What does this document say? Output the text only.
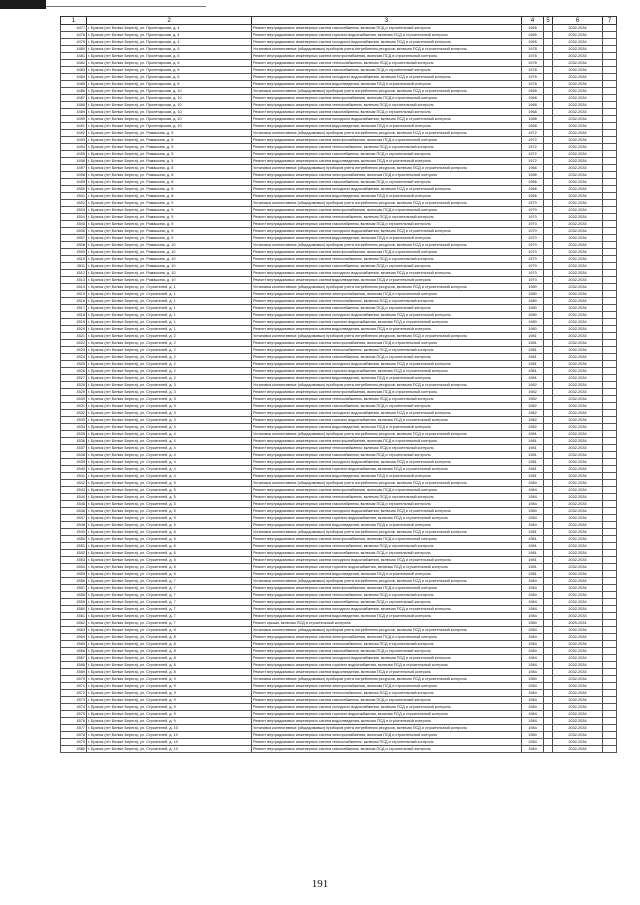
1	2	3	4	5	6	7
4477	г. Брянск (пгт Белые Берега), ул. Пролетарская, д. 4	Ремонт внутридомовых инженерных систем газоснабжения, включая ПСД и строительный контроль	1965		2032-2034	
4478	г. Брянск (пгт Белые Берега), ул. Пролетарская, д. 4	Ремонт внутридомовых инженерных систем горячего водоснабжения, включая ПСД и строительный контроль	1965		2032-2034	
4479	г. Брянск (пгт Белые Берега), ул. Пролетарская, д. 4	Ремонт внутридомовых инженерных систем холодного водоснабжения, включая ПСД и строительный контроль	1965		2032-2034	
4480	г. Брянск (пгт Белые Берега), ул. Пролетарская, д. 6	Установка коллективных (общедомовых) приборов учета потребления ресурсов, включая ПСД и строительный контроль	1978		2032-2034	
4481	г. Брянск (пгт Белые Берега), ул. Пролетарская, д. 6	Ремонт внутридомовых инженерных систем электроснабжения, включая ПСД и строительный контроль	1978		2032-2034	
4482	г. Брянск (пгт Белые Берега), ул. Пролетарская, д. 6	Ремонт внутридомовых инженерных систем теплоснабжения, включая ПСД и строительный контроль	1978		2032-2034	
4483	г. Брянск (пгт Белые Берега), ул. Пролетарская, д. 6	Ремонт внутридомовых инженерных систем газоснабжения, включая ПСД и строительный контроль	1978		2032-2034	
4484	г. Брянск (пгт Белые Берега), ул. Пролетарская, д. 6	Ремонт внутридомовых инженерных систем холодного водоснабжения, включая ПСД и строительный контроль	1978		2032-2034	
4485	г. Брянск (пгт Белые Берега), ул. Пролетарская, д. 6	Ремонт внутридомовых инженерных систем водоотведения, включая ПСД и строительный контроль	1978		2032-2034	
4486	г. Брянск (пгт Белые Берега), ул. Пролетарская, д. 10	Установка коллективных (общедомовых) приборов учета потребления ресурсов, включая ПСД и строительный контроль	1968		2032-2034	
4487	г. Брянск (пгт Белые Берега), ул. Пролетарская, д. 10	Ремонт внутридомовых инженерных систем электроснабжения, включая ПСД и строительный контроль	1968		2032-2034	
4488	г. Брянск (пгт Белые Берега), ул. Пролетарская, д. 10	Ремонт внутридомовых инженерных систем теплоснабжения, включая ПСД и строительный контроль	1968		2032-2034	
4489	г. Брянск (пгт Белые Берега), ул. Пролетарская, д. 10	Ремонт внутридомовых инженерных систем газоснабжения, включая ПСД и строительный контроль	1968		2032-2034	
4490	г. Брянск (пгт Белые Берега), ул. Пролетарская, д. 10	Ремонт внутридомовых инженерных систем холодного водоснабжения, включая ПСД и строительный контроль	1968		2032-2034	
4491	г. Брянск (пгт Белые Берега), ул. Пролетарская, д. 10	Ремонт внутридомовых инженерных систем водоотведения, включая ПСД и строительный контроль	1968		2032-2034	
4492	г. Брянск (пгт Белые Берега), ул. Ромашина, д. 5	Установка коллективных (общедомовых) приборов учета потребления ресурсов, включая ПСД и строительный контроль	1972		2032-2034	
4493	г. Брянск (пгт Белые Берега), ул. Ромашина, д. 5	Ремонт внутридомовых инженерных систем электроснабжения, включая ПСД и строительный контроль	1972		2032-2034	
4494	г. Брянск (пгт Белые Берега), ул. Ромашина, д. 5	Ремонт внутридомовых инженерных систем теплоснабжения, включая ПСД и строительный контроль	1972		2032-2034	
4495	г. Брянск (пгт Белые Берега), ул. Ромашина, д. 5	Ремонт внутридомовых инженерных систем газоснабжения, включая ПСД и строительный контроль	1972		2032-2034	
4496	г. Брянск (пгт Белые Берега), ул. Ромашина, д. 5	Ремонт внутридомовых инженерных систем водоотведения, включая ПСД и строительный контроль	1972		2032-2034	
4497	г. Брянск (пгт Белые Берега), ул. Ромашина, д. 8	Установка коллективных (общедомовых) приборов учета потребления ресурсов, включая ПСД и строительный контроль	1966		2032-2034	
4498	г. Брянск (пгт Белые Берега), ул. Ромашина, д. 8	Ремонт внутридомовых инженерных систем электроснабжения, включая ПСД и строительный контроль	1966		2032-2034	
4499	г. Брянск (пгт Белые Берега), ул. Ромашина, д. 8	Ремонт внутридомовых инженерных систем газоснабжения, включая ПСД и строительный контроль	1966		2032-2034	
4500	г. Брянск (пгт Белые Берега), ул. Ромашина, д. 8	Ремонт внутридомовых инженерных систем холодного водоснабжения, включая ПСД и строительный контроль	1966		2032-2034	
4501	г. Брянск (пгт Белые Берега), ул. Ромашина, д. 8	Ремонт внутридомовых инженерных систем водоотведения, включая ПСД и строительный контроль	1966		2032-2034	
4502	г. Брянск (пгт Белые Берега), ул. Ромашина, д. 9	Установка коллективных (общедомовых) приборов учета потребления ресурсов, включая ПСД и строительный контроль	1970		2032-2034	
4503	г. Брянск (пгт Белые Берега), ул. Ромашина, д. 9	Ремонт внутридомовых инженерных систем электроснабжения, включая ПСД и строительный контроль	1970		2032-2034	
4504	г. Брянск (пгт Белые Берега), ул. Ромашина, д. 9	Ремонт внутридомовых инженерных систем теплоснабжения, включая ПСД и строительный контроль	1970		2032-2034	
4505	г. Брянск (пгт Белые Берега), ул. Ромашина, д. 9	Ремонт внутридомовых инженерных систем газоснабжения, включая ПСД и строительный контроль	1970		2032-2034	
4506	г. Брянск (пгт Белые Берега), ул. Ромашина, д. 9	Ремонт внутридомовых инженерных систем холодного водоснабжения, включая ПСД и строительный контроль	1970		2032-2034	
4507	г. Брянск (пгт Белые Берега), ул. Ромашина, д. 9	Ремонт внутридомовых инженерных систем водоотведения, включая ПСД и строительный контроль	1970		2032-2034	
4508	г. Брянск (пгт Белые Берега), ул. Ромашина, д. 10	Установка коллективных (общедомовых) приборов учета потребления ресурсов, включая ПСД и строительный контроль	1970		2032-2034	
4509	г. Брянск (пгт Белые Берега), ул. Ромашина, д. 10	Ремонт внутридомовых инженерных систем электроснабжения, включая ПСД и строительный контроль	1970		2032-2034	
4510	г. Брянск (пгт Белые Берега), ул. Ромашина, д. 10	Ремонт внутридомовых инженерных систем теплоснабжения, включая ПСД и строительный контроль	1970		2032-2034	
4511	г. Брянск (пгт Белые Берега), ул. Ромашина, д. 10	Ремонт внутридомовых инженерных систем газоснабжения, включая ПСД и строительный контроль	1970		2032-2034	
4512	г. Брянск (пгт Белые Берега), ул. Ромашина, д. 10	Ремонт внутридомовых инженерных систем холодного водоснабжения, включая ПСД и строительный контроль	1970		2032-2034	
4513	г. Брянск (пгт Белые Берега), ул. Ромашина, д. 10	Ремонт внутридомовых инженерных систем водоотведения, включая ПСД и строительный контроль	1970		2032-2034	
4514	г. Брянск (пгт Белые Берега), ул. Строителей, д. 1	Установка коллективных (общедомовых) приборов учета потребления ресурсов, включая ПСД и строительный контроль	1980		2032-2034	
4515	г. Брянск (пгт Белые Берега), ул. Строителей, д. 1	Ремонт внутридомовых инженерных систем электроснабжения, включая ПСД и строительный контроль	1980		2032-2034	
4516	г. Брянск (пгт Белые Берега), ул. Строителей, д. 1	Ремонт внутридомовых инженерных систем теплоснабжения, включая ПСД и строительный контроль	1980		2032-2034	
4517	г. Брянск (пгт Белые Берега), ул. Строителей, д. 1	Ремонт внутридомовых инженерных систем газоснабжения, включая ПСД и строительный контроль	1980		2032-2034	
4518	г. Брянск (пгт Белые Берега), ул. Строителей, д. 1	Ремонт внутридомовых инженерных систем холодного водоснабжения, включая ПСД и строительный контроль	1980		2032-2034	
4519	г. Брянск (пгт Белые Берега), ул. Строителей, д. 1	Ремонт внутридомовых инженерных систем горячего водоснабжения, включая ПСД и строительный контроль	1980		2032-2034	
4520	г. Брянск (пгт Белые Берега), ул. Строителей, д. 1	Ремонт внутридомовых инженерных систем водоотведения, включая ПСД и строительный контроль	1980		2032-2034	
4521	г. Брянск (пгт Белые Берега), ул. Строителей, д. 2	Установка коллективных (общедомовых) приборов учета потребления ресурсов, включая ПСД и строительный контроль	1981		2032-2034	
4522	г. Брянск (пгт Белые Берега), ул. Строителей, д. 2	Ремонт внутридомовых инженерных систем электроснабжения, включая ПСД и строительный контроль	1981		2032-2034	
4523	г. Брянск (пгт Белые Берега), ул. Строителей, д. 2	Ремонт внутридомовых инженерных систем теплоснабжения, включая ПСД и строительный контроль	1981		2032-2034	
4524	г. Брянск (пгт Белые Берега), ул. Строителей, д. 2	Ремонт внутридомовых инженерных систем газоснабжения, включая ПСД и строительный контроль	1981		2032-2034	
4525	г. Брянск (пгт Белые Берега), ул. Строителей, д. 2	Ремонт внутридомовых инженерных систем холодного водоснабжения, включая ПСД и строительный контроль	1981		2032-2034	
4526	г. Брянск (пгт Белые Берега), ул. Строителей, д. 2	Ремонт внутридомовых инженерных систем горячего водоснабжения, включая ПСД и строительный контроль	1981		2032-2034	
4527	г. Брянск (пгт Белые Берега), ул. Строителей, д. 2	Ремонт внутридомовых инженерных систем водоотведения, включая ПСД и строительный контроль	1981		2032-2034	
4528	г. Брянск (пгт Белые Берега), ул. Строителей, д. 3	Установка коллективных (общедомовых) приборов учета потребления ресурсов, включая ПСД и строительный контроль	1982		2032-2034	
4529	г. Брянск (пгт Белые Берега), ул. Строителей, д. 3	Ремонт внутридомовых инженерных систем электроснабжения, включая ПСД и строительный контроль	1982		2032-2034	
4530	г. Брянск (пгт Белые Берега), ул. Строителей, д. 3	Ремонт внутридомовых инженерных систем теплоснабжения, включая ПСД и строительный контроль	1982		2032-2034	
4531	г. Брянск (пгт Белые Берега), ул. Строителей, д. 3	Ремонт внутридомовых инженерных систем газоснабжения, включая ПСД и строительный контроль	1982		2032-2034	
4532	г. Брянск (пгт Белые Берега), ул. Строителей, д. 3	Ремонт внутридомовых инженерных систем холодного водоснабжения, включая ПСД и строительный контроль	1982		2032-2034	
4533	г. Брянск (пгт Белые Берега), ул. Строителей, д. 3	Ремонт внутридомовых инженерных систем горячего водоснабжения, включая ПСД и строительный контроль	1982		2032-2034	
4534	г. Брянск (пгт Белые Берега), ул. Строителей, д. 3	Ремонт внутридомовых инженерных систем водоотведения, включая ПСД и строительный контроль	1982		2032-2034	
4535	г. Брянск (пгт Белые Берега), ул. Строителей, д. 4	Установка коллективных (общедомовых) приборов учета потребления ресурсов, включая ПСД и строительный контроль	1981		2032-2034	
4536	г. Брянск (пгт Белые Берега), ул. Строителей, д. 4	Ремонт внутридомовых инженерных систем электроснабжения, включая ПСД и строительный контроль	1981		2032-2034	
4537	г. Брянск (пгт Белые Берега), ул. Строителей, д. 4	Ремонт внутридомовых инженерных систем теплоснабжения, включая ПСД и строительный контроль	1981		2032-2034	
4538	г. Брянск (пгт Белые Берега), ул. Строителей, д. 4	Ремонт внутридомовых инженерных систем газоснабжения, включая ПСД и строительный контроль	1981		2032-2034	
4539	г. Брянск (пгт Белые Берега), ул. Строителей, д. 4	Ремонт внутридомовых инженерных систем холодного водоснабжения, включая ПСД и строительный контроль	1981		2032-2034	
4540	г. Брянск (пгт Белые Берега), ул. Строителей, д. 4	Ремонт внутридомовых инженерных систем горячего водоснабжения, включая ПСД и строительный контроль	1981		2032-2034	
4541	г. Брянск (пгт Белые Берега), ул. Строителей, д. 4	Ремонт внутридомовых инженерных систем водоотведения, включая ПСД и строительный контроль	1981		2032-2034	
4542	г. Брянск (пгт Белые Берега), ул. Строителей, д. 5	Установка коллективных (общедомовых) приборов учета потребления ресурсов, включая ПСД и строительный контроль	1984		2032-2034	
4543	г. Брянск (пгт Белые Берега), ул. Строителей, д. 5	Ремонт внутридомовых инженерных систем электроснабжения, включая ПСД и строительный контроль	1984		2032-2034	
4544	г. Брянск (пгт Белые Берега), ул. Строителей, д. 5	Ремонт внутридомовых инженерных систем теплоснабжения, включая ПСД и строительный контроль	1984		2032-2034	
4545	г. Брянск (пгт Белые Берега), ул. Строителей, д. 5	Ремонт внутридомовых инженерных систем газоснабжения, включая ПСД и строительный контроль	1984		2032-2034	
4546	г. Брянск (пгт Белые Берега), ул. Строителей, д. 5	Ремонт внутридомовых инженерных систем холодного водоснабжения, включая ПСД и строительный контроль	1984		2032-2034	
4547	г. Брянск (пгт Белые Берега), ул. Строителей, д. 5	Ремонт внутридомовых инженерных систем горячего водоснабжения, включая ПСД и строительный контроль	1984		2032-2034	
4548	г. Брянск (пгт Белые Берега), ул. Строителей, д. 5	Ремонт внутридомовых инженерных систем водоотведения, включая ПСД и строительный контроль	1984		2032-2034	
4549	г. Брянск (пгт Белые Берега), ул. Строителей, д. 6	Установка коллективных (общедомовых) приборов учета потребления ресурсов, включая ПСД и строительный контроль	1981		2032-2034	
4550	г. Брянск (пгт Белые Берега), ул. Строителей, д. 6	Ремонт внутридомовых инженерных систем электроснабжения, включая ПСД и строительный контроль	1981		2032-2034	
4551	г. Брянск (пгт Белые Берега), ул. Строителей, д. 6	Ремонт внутридомовых инженерных систем теплоснабжения, включая ПСД и строительный контроль	1981		2032-2034	
4552	г. Брянск (пгт Белые Берега), ул. Строителей, д. 6	Ремонт внутридомовых инженерных систем газоснабжения, включая ПСД и строительный контроль	1981		2032-2034	
4553	г. Брянск (пгт Белые Берега), ул. Строителей, д. 6	Ремонт внутридомовых инженерных систем холодного водоснабжения, включая ПСД и строительный контроль	1981		2032-2034	
4554	г. Брянск (пгт Белые Берега), ул. Строителей, д. 6	Ремонт внутридомовых инженерных систем горячего водоснабжения, включая ПСД и строительный контроль	1981		2032-2034	
4555	г. Брянск (пгт Белые Берега), ул. Строителей, д. 6	Ремонт внутридомовых инженерных систем водоотведения, включая ПСД и строительный контроль	1981		2032-2034	
4556	г. Брянск (пгт Белые Берега), ул. Строителей, д. 7	Установка коллективных (общедомовых) приборов учета потребления ресурсов, включая ПСД и строительный контроль	1984		2032-2034	
4557	г. Брянск (пгт Белые Берега), ул. Строителей, д. 7	Ремонт внутридомовых инженерных систем электроснабжения, включая ПСД и строительный контроль	1984		2032-2034	
4558	г. Брянск (пгт Белые Берега), ул. Строителей, д. 7	Ремонт внутридомовых инженерных систем теплоснабжения, включая ПСД и строительный контроль	1984		2032-2034	
4559	г. Брянск (пгт Белые Берега), ул. Строителей, д. 7	Ремонт внутридомовых инженерных систем газоснабжения, включая ПСД и строительный контроль	1984		2032-2034	
4560	г. Брянск (пгт Белые Берега), ул. Строителей, д. 7	Ремонт внутридомовых инженерных систем холодного водоснабжения, включая ПСД и строительный контроль	1984		2032-2034	
4561	г. Брянск (пгт Белые Берега), ул. Строителей, д. 7	Ремонт внутридомовых инженерных систем водоотведения, включая ПСД и строительный контроль	1984		2032-2034	
4562	г. Брянск (пгт Белые Берега), ул. Строителей, д. 7	Ремонт крыши, включая ПСД и строительный контроль	1984		2029-2031	
4563	г. Брянск (пгт Белые Берега), ул. Строителей, д. 8	Установка коллективных (общедомовых) приборов учета потребления ресурсов, включая ПСД и строительный контроль	1984		2032-2034	
4564	г. Брянск (пгт Белые Берега), ул. Строителей, д. 8	Ремонт внутридомовых инженерных систем электроснабжения, включая ПСД и строительный контроль	1984		2032-2034	
4565	г. Брянск (пгт Белые Берега), ул. Строителей, д. 8	Ремонт внутридомовых инженерных систем теплоснабжения, включая ПСД и строительный контроль	1984		2032-2034	
4566	г. Брянск (пгт Белые Берега), ул. Строителей, д. 8	Ремонт внутридомовых инженерных систем газоснабжения, включая ПСД и строительный контроль	1984		2032-2034	
4567	г. Брянск (пгт Белые Берега), ул. Строителей, д. 8	Ремонт внутридомовых инженерных систем холодного водоснабжения, включая ПСД и строительный контроль	1984		2032-2034	
4568	г. Брянск (пгт Белые Берега), ул. Строителей, д. 8	Ремонт внутридомовых инженерных систем горячего водоснабжения, включая ПСД и строительный контроль	1984		2032-2034	
4569	г. Брянск (пгт Белые Берега), ул. Строителей, д. 8	Ремонт внутридомовых инженерных систем водоотведения, включая ПСД и строительный контроль	1984		2032-2034	
4570	г. Брянск (пгт Белые Берега), ул. Строителей, д. 9	Установка коллективных (общедомовых) приборов учета потребления ресурсов, включая ПСД и строительный контроль	1984		2032-2034	
4571	г. Брянск (пгт Белые Берега), ул. Строителей, д. 9	Ремонт внутридомовых инженерных систем электроснабжения, включая ПСД и строительный контроль	1984		2032-2034	
4572	г. Брянск (пгт Белые Берега), ул. Строителей, д. 9	Ремонт внутридомовых инженерных систем теплоснабжения, включая ПСД и строительный контроль	1984		2032-2034	
4573	г. Брянск (пгт Белые Берега), ул. Строителей, д. 9	Ремонт внутридомовых инженерных систем газоснабжения, включая ПСД и строительный контроль	1984		2032-2034	
4574	г. Брянск (пгт Белые Берега), ул. Строителей, д. 9	Ремонт внутридомовых инженерных систем холодного водоснабжения, включая ПСД и строительный контроль	1984		2032-2034	
4575	г. Брянск (пгт Белые Берега), ул. Строителей, д. 9	Ремонт внутридомовых инженерных систем горячего водоснабжения, включая ПСД и строительный контроль	1984		2032-2034	
4576	г. Брянск (пгт Белые Берега), ул. Строителей, д. 9	Ремонт внутридомовых инженерных систем водоотведения, включая ПСД и строительный контроль	1984		2032-2034	
4577	г. Брянск (пгт Белые Берега), ул. Строителей, д. 10	Установка коллективных (общедомовых) приборов учета потребления ресурсов, включая ПСД и строительный контроль	1984		2032-2034	
4578	г. Брянск (пгт Белые Берега), ул. Строителей, д. 10	Ремонт внутридомовых инженерных систем электроснабжения, включая ПСД и строительный контроль	1984		2032-2034	
4579	г. Брянск (пгт Белые Берега), ул. Строителей, д. 10	Ремонт внутридомовых инженерных систем теплоснабжения, включая ПСД и строительный контроль	1984		2032-2034	
4580	г. Брянск (пгт Белые Берега), ул. Строителей, д. 10	Ремонт внутридомовых инженерных систем газоснабжения, включая ПСД и строительный контроль	1984		2032-2034	
191
